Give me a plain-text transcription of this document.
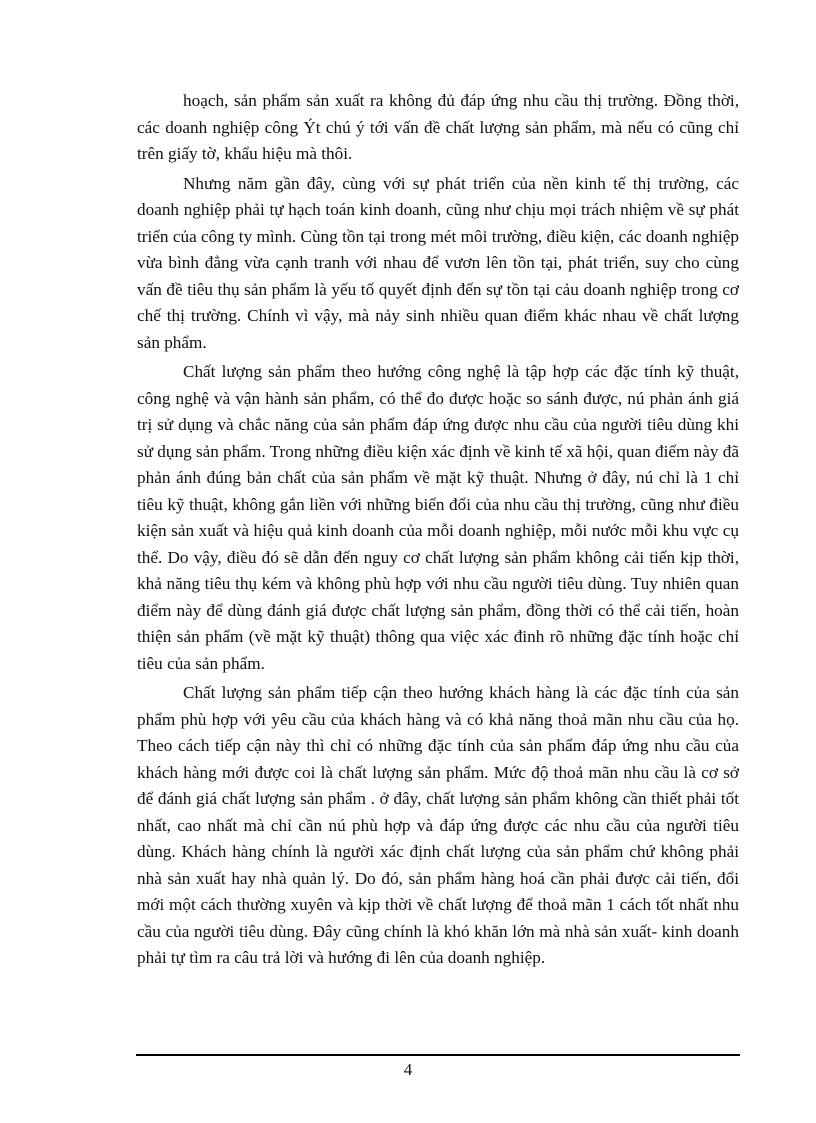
hoạch, sản phẩm sản xuất ra không đủ đáp ứng nhu cầu thị trường. Đồng thời, các doanh nghiệp công Ýt chú ý tới vấn đề chất lượng sản phẩm, mà nếu có cũng chỉ trên giấy tờ, khẩu hiệu mà thôi.

Nhưng năm gần đây, cùng với sự phát triển của nền kinh tế thị trường, các doanh nghiệp phải tự hạch toán kinh doanh, cũng như chịu mọi trách nhiệm về sự phát triển của công ty mình. Cùng tồn tại trong mét môi trường, điều kiện, các doanh nghiệp vừa bình đẳng vừa cạnh tranh với nhau để vươn lên tồn tại, phát triển, suy cho cùng vấn đề tiêu thụ sản phẩm là yếu tố quyết định đến sự tồn tại cảu doanh nghiệp trong cơ chế thị trường. Chính vì vậy, mà nảy sinh nhiều quan điểm khác nhau về chất lượng sản phẩm.

Chất lượng sản phẩm theo hướng công nghệ là tập hợp các đặc tính kỹ thuật, công nghệ và vận hành sản phẩm, có thể đo được hoặc so sánh được, nú phản ánh giá trị sử dụng và chắc năng của sản phẩm đáp ứng được nhu cầu của người tiêu dùng khi sử dụng sản phẩm. Trong những điều kiện xác định về kinh tế xã hội, quan điểm này đã phản ánh đúng bản chất của sản phẩm về mặt kỹ thuật. Nhưng ở đây, nú chỉ là 1 chỉ tiêu kỹ thuật, không gắn liền với những biến đổi của nhu cầu thị trường, cũng như điều kiện sản xuất và hiệu quả kinh doanh của mỗi doanh nghiệp, mỗi nước mỗi khu vực cụ thể. Do vậy, điều đó sẽ dẫn đến nguy cơ chất lượng sản phẩm không cải tiến kịp thời, khả năng tiêu thụ kém và không phù hợp với nhu cầu người tiêu dùng. Tuy nhiên quan điểm này để dùng đánh giá được chất lượng sản phẩm, đồng thời có thể cải tiến, hoàn thiện sản phẩm (về mặt kỹ thuật) thông qua việc xác đinh rõ những đặc tính hoặc chỉ tiêu của sản phẩm.

Chất lượng sản phẩm tiếp cận theo hướng khách hàng là các đặc tính của sản phẩm phù hợp với yêu cầu của khách hàng và có khả năng thoả mãn nhu cầu của họ. Theo cách tiếp cận này thì chỉ có những đặc tính của sản phẩm đáp ứng nhu cầu của khách hàng mới được coi là chất lượng sản phẩm. Mức độ thoả mãn nhu cầu là cơ sở để đánh giá chất lượng sản phẩm . ở đây, chất lượng sản phẩm không cần thiết phải tốt nhất, cao nhất mà chỉ cần nú phù hợp và đáp ứng được các nhu cầu của người tiêu dùng. Khách hàng chính là người xác định chất lượng của sản phẩm chứ không phải nhà sản xuất hay nhà quản lý. Do đó, sản phẩm hàng hoá cần phải được cải tiến, đổi mới một cách thường xuyên và kịp thời về chất lượng để thoả mãn 1 cách tốt nhất nhu cầu của người tiêu dùng. Đây cũng chính là khó khăn lớn mà nhà sản xuất- kinh doanh phải tự tìm ra câu trả lời và hướng đi lên của doanh nghiệp.

4
